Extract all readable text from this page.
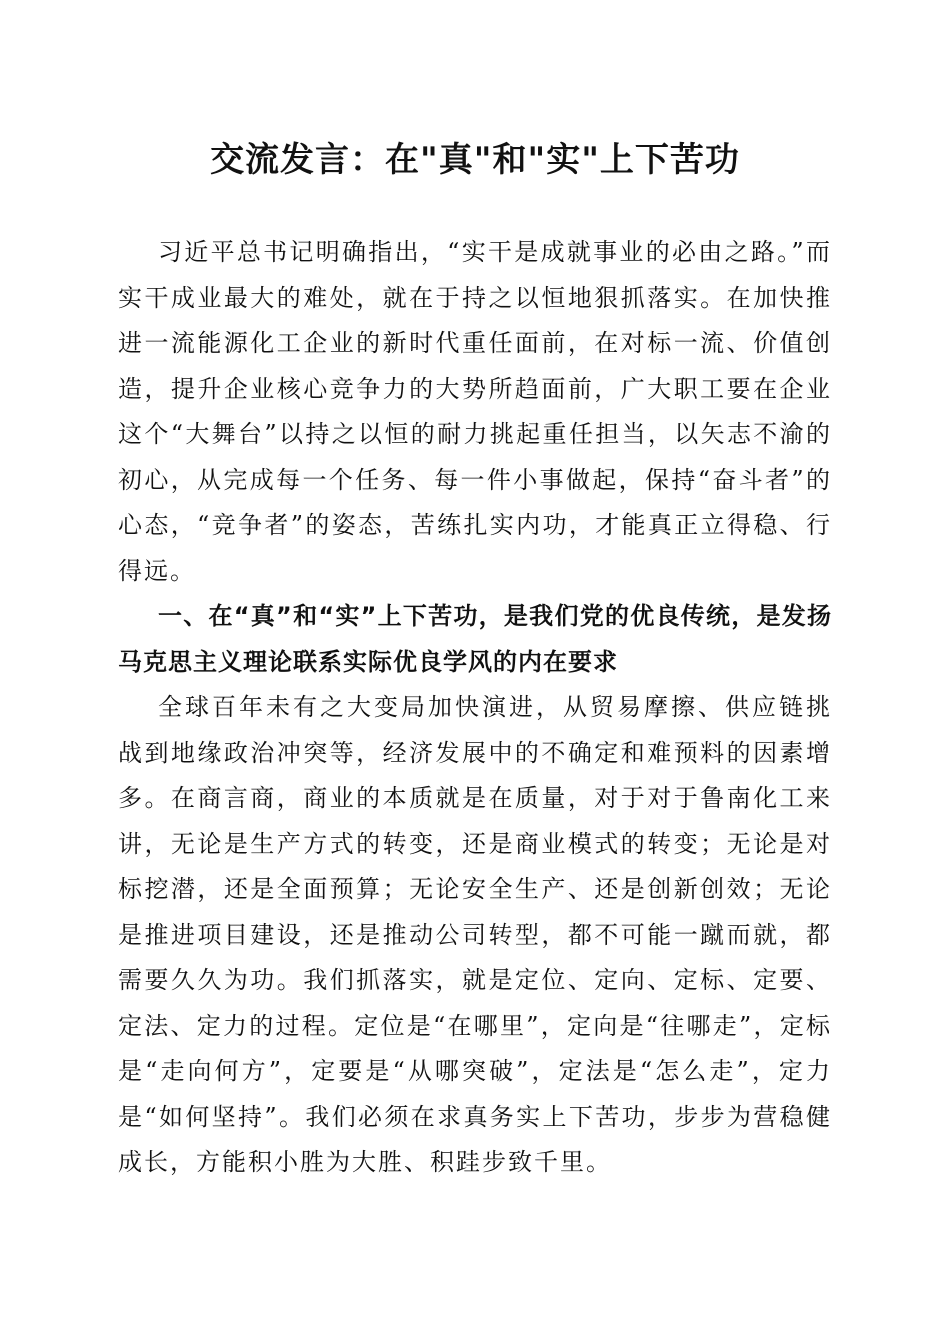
交流发言：在"真"和"实"上下苦功

习近平总书记明确指出，“实干是成就事业的必由之路。”而实干成业最大的难处，就在于持之以恒地狠抓落实。在加快推进一流能源化工企业的新时代重任面前，在对标一流、价值创造，提升企业核心竞争力的大势所趋面前，广大职工要在企业这个“大舞台”以持之以恒的耐力挑起重任担当，以矢志不渝的初心，从完成每一个任务、每一件小事做起，保持“奋斗者”的心态，“竞争者”的姿态，苦练扎实内功，才能真正立得稳、行得远。

一、在“真”和“实”上下苦功，是我们党的优良传统，是发扬马克思主义理论联系实际优良学风的内在要求

全球百年未有之大变局加快演进，从贸易摩擦、供应链挑战到地缘政治冲突等，经济发展中的不确定和难预料的因素增多。在商言商，商业的本质就是在质量，对于对于鲁南化工来讲，无论是生产方式的转变，还是商业模式的转变；无论是对标挖潜，还是全面预算；无论安全生产、还是创新创效；无论是推进项目建设，还是推动公司转型，都不可能一蹴而就，都需要久久为功。我们抓落实，就是定位、定向、定标、定要、定法、定力的过程。定位是“在哪里”，定向是“往哪走”，定标是“走向何方”，定要是“从哪突破”，定法是“怎么走”，定力是“如何坚持”。我们必须在求真务实上下苦功，步步为营稳健成长，方能积小胜为大胜、积跬步致千里。
